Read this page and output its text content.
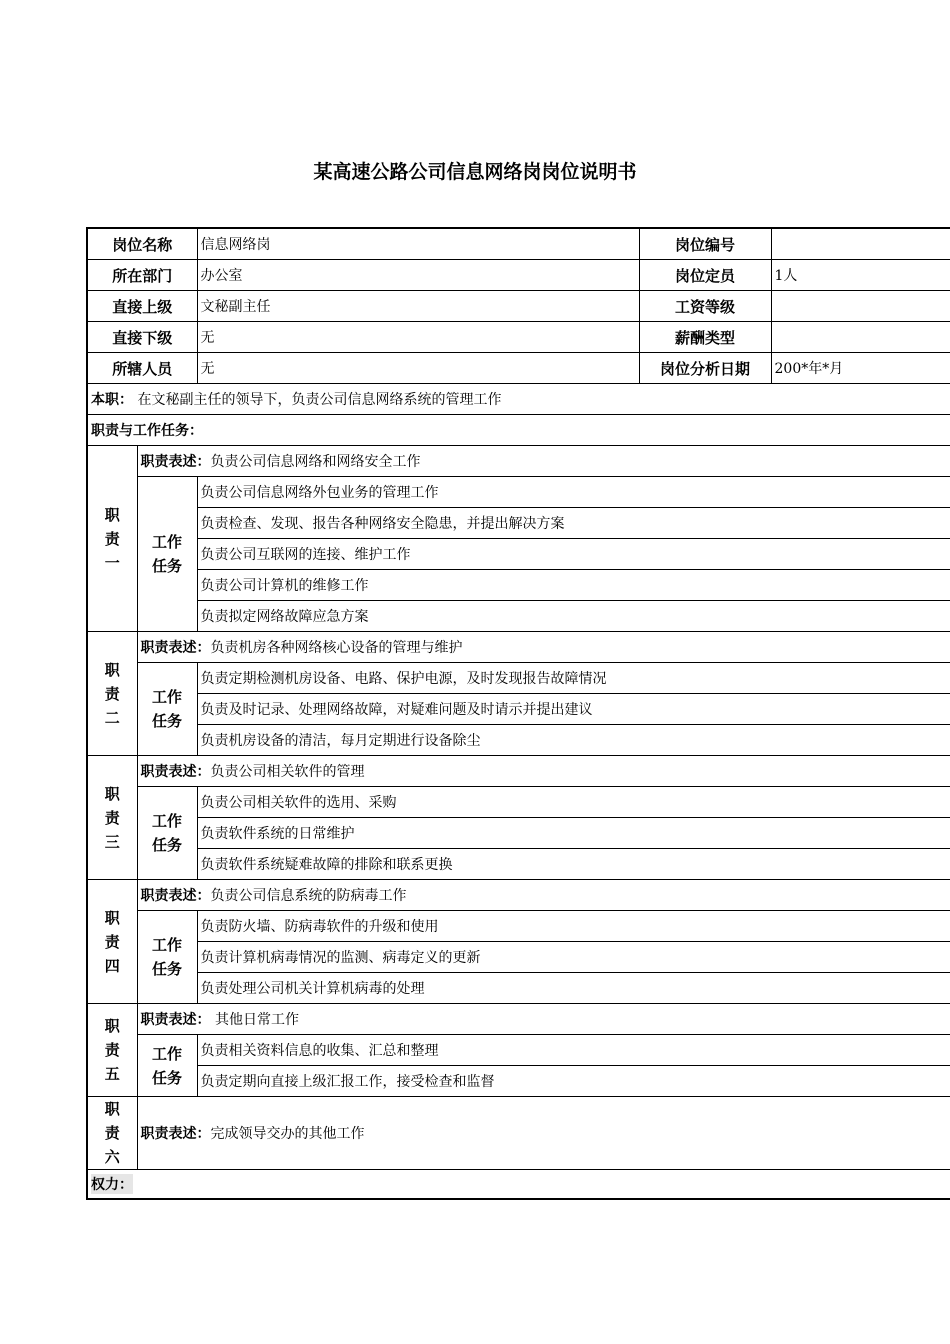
某高速公路公司信息网络岗岗位说明书
岗位名称		信息网络岗	岗位编号	
所在部门		办公室	岗位定员	1人
直接上级		文秘副主任	工资等级	
直接下级		无	薪酬类型	
所辖人员		无	岗位分析日期	200*年*月
本职： 在文秘副主任的领导下，负责公司信息网络系统的管理工作				
职责与工作任务：				

职
责
一	职责表述：负责公司信息网络和网络安全工作			

	工作
任务	负责公司信息网络外包业务的管理工作		
		负责检查、发现、报告各种网络安全隐患，并提出解决方案		
		负责公司互联网的连接、维护工作		
		负责公司计算机的维修工作		
		负责拟定网络故障应急方案		

职
责
二	职责表述：负责机房各种网络核心设备的管理与维护			

	工作
任务	负责定期检测机房设备、电路、保护电源，及时发现报告故障情况		
		负责及时记录、处理网络故障，对疑难问题及时请示并提出建议		
		负责机房设备的清洁，每月定期进行设备除尘		

职
责
三	职责表述：负责公司相关软件的管理			

	工作
任务	负责公司相关软件的选用、采购		
		负责软件系统的日常维护		
		负责软件系统疑难故障的排除和联系更换		

职
责
四	职责表述：负责公司信息系统的防病毒工作			

	工作
任务	负责防火墙、防病毒软件的升级和使用		
		负责计算机病毒情况的监测、病毒定义的更新		
		负责处理公司机关计算机病毒的处理		

职
责
五	职责表述： 其他日常工作			

	工作
任务	负责相关资料信息的收集、汇总和整理		
		负责定期向直接上级汇报工作，接受检查和监督		

职
责
六	职责表述：完成领导交办的其他工作			
权力：				
